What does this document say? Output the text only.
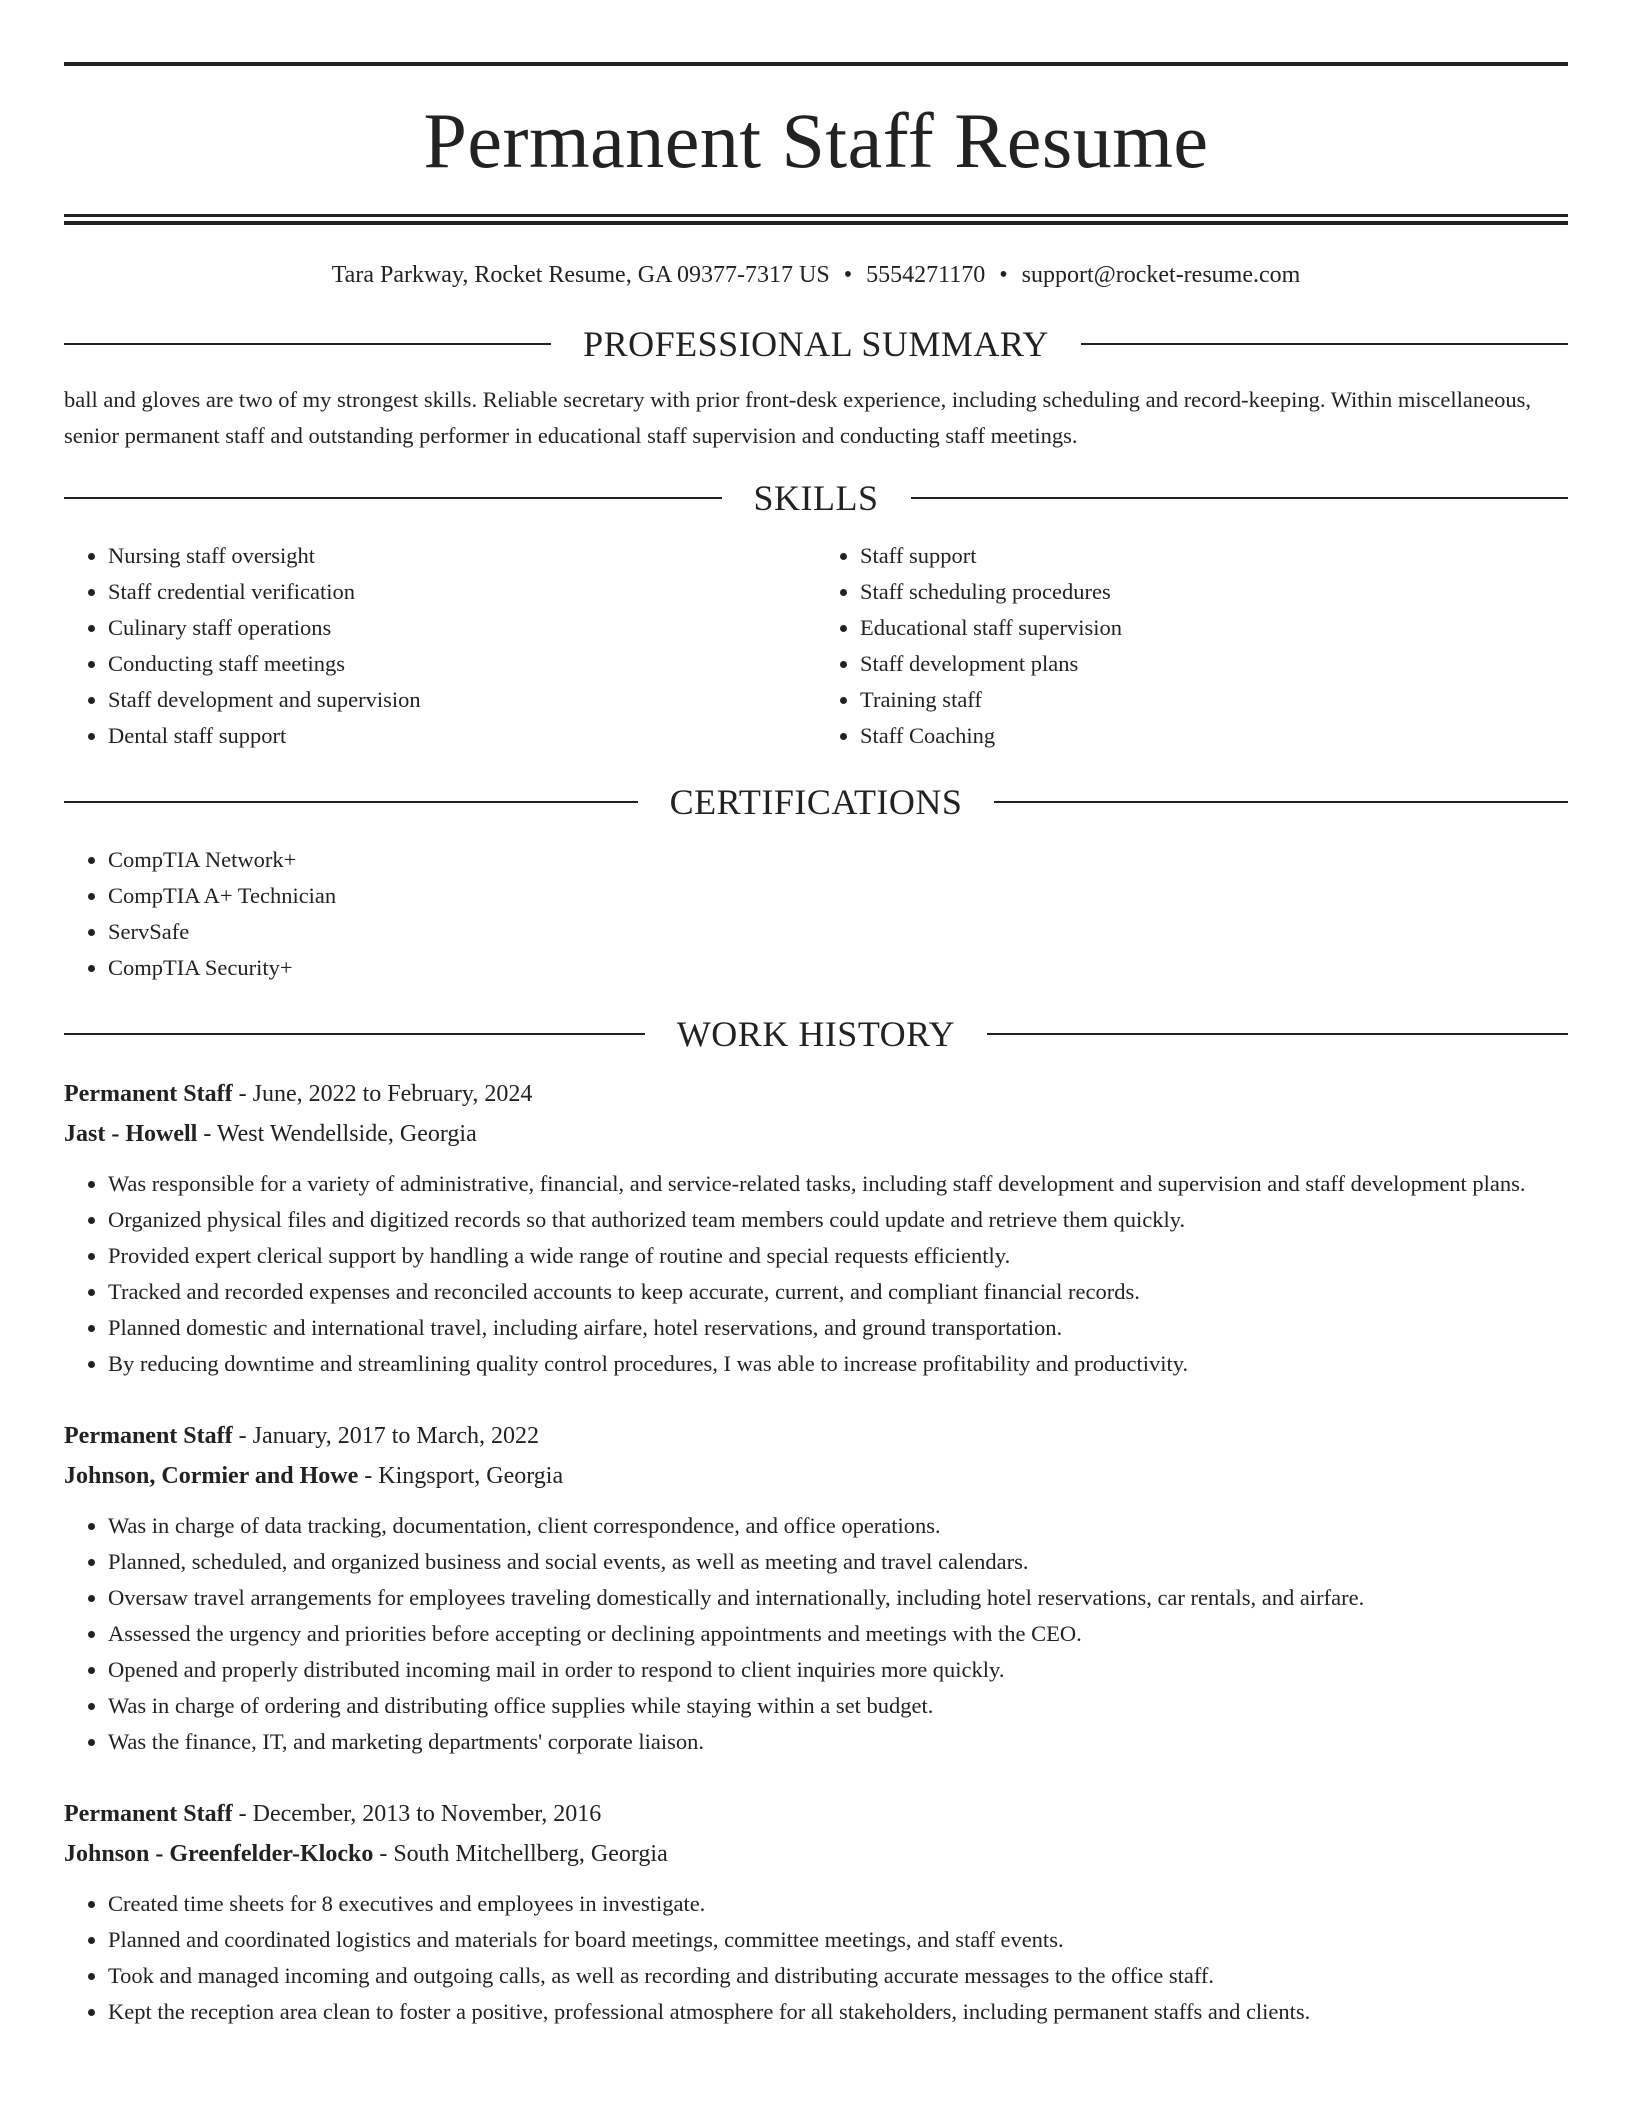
Permanent Staff Resume
Tara Parkway, Rocket Resume, GA 09377-7317 US • 5554271170 • support@rocket-resume.com
PROFESSIONAL SUMMARY

ball and gloves are two of my strongest skills. Reliable secretary with prior front-desk experience, including scheduling and record-keeping. Within miscellaneous, senior permanent staff and outstanding performer in educational staff supervision and conducting staff meetings.

SKILLS
• Nursing staff oversight
• Staff credential verification
• Culinary staff operations
• Conducting staff meetings
• Staff development and supervision
• Dental staff support
• Staff support
• Staff scheduling procedures
• Educational staff supervision
• Staff development plans
• Training staff
• Staff Coaching
CERTIFICATIONS
• CompTIA Network+
• CompTIA A+ Technician
• ServSafe
• CompTIA Security+
WORK HISTORY
Permanent Staff - June, 2022 to February, 2024
Jast - Howell - West Wendellside, Georgia
• Was responsible for a variety of administrative, financial, and service-related tasks, including staff development and supervision and staff development plans.
• Organized physical files and digitized records so that authorized team members could update and retrieve them quickly.
• Provided expert clerical support by handling a wide range of routine and special requests efficiently.
• Tracked and recorded expenses and reconciled accounts to keep accurate, current, and compliant financial records.
• Planned domestic and international travel, including airfare, hotel reservations, and ground transportation.
• By reducing downtime and streamlining quality control procedures, I was able to increase profitability and productivity.
Permanent Staff - January, 2017 to March, 2022
Johnson, Cormier and Howe - Kingsport, Georgia
• Was in charge of data tracking, documentation, client correspondence, and office operations.
• Planned, scheduled, and organized business and social events, as well as meeting and travel calendars.
• Oversaw travel arrangements for employees traveling domestically and internationally, including hotel reservations, car rentals, and airfare.
• Assessed the urgency and priorities before accepting or declining appointments and meetings with the CEO.
• Opened and properly distributed incoming mail in order to respond to client inquiries more quickly.
• Was in charge of ordering and distributing office supplies while staying within a set budget.
• Was the finance, IT, and marketing departments' corporate liaison.
Permanent Staff - December, 2013 to November, 2016
Johnson - Greenfelder-Klocko - South Mitchellberg, Georgia
• Created time sheets for 8 executives and employees in investigate.
• Planned and coordinated logistics and materials for board meetings, committee meetings, and staff events.
• Took and managed incoming and outgoing calls, as well as recording and distributing accurate messages to the office staff.
• Kept the reception area clean to foster a positive, professional atmosphere for all stakeholders, including permanent staffs and clients.
